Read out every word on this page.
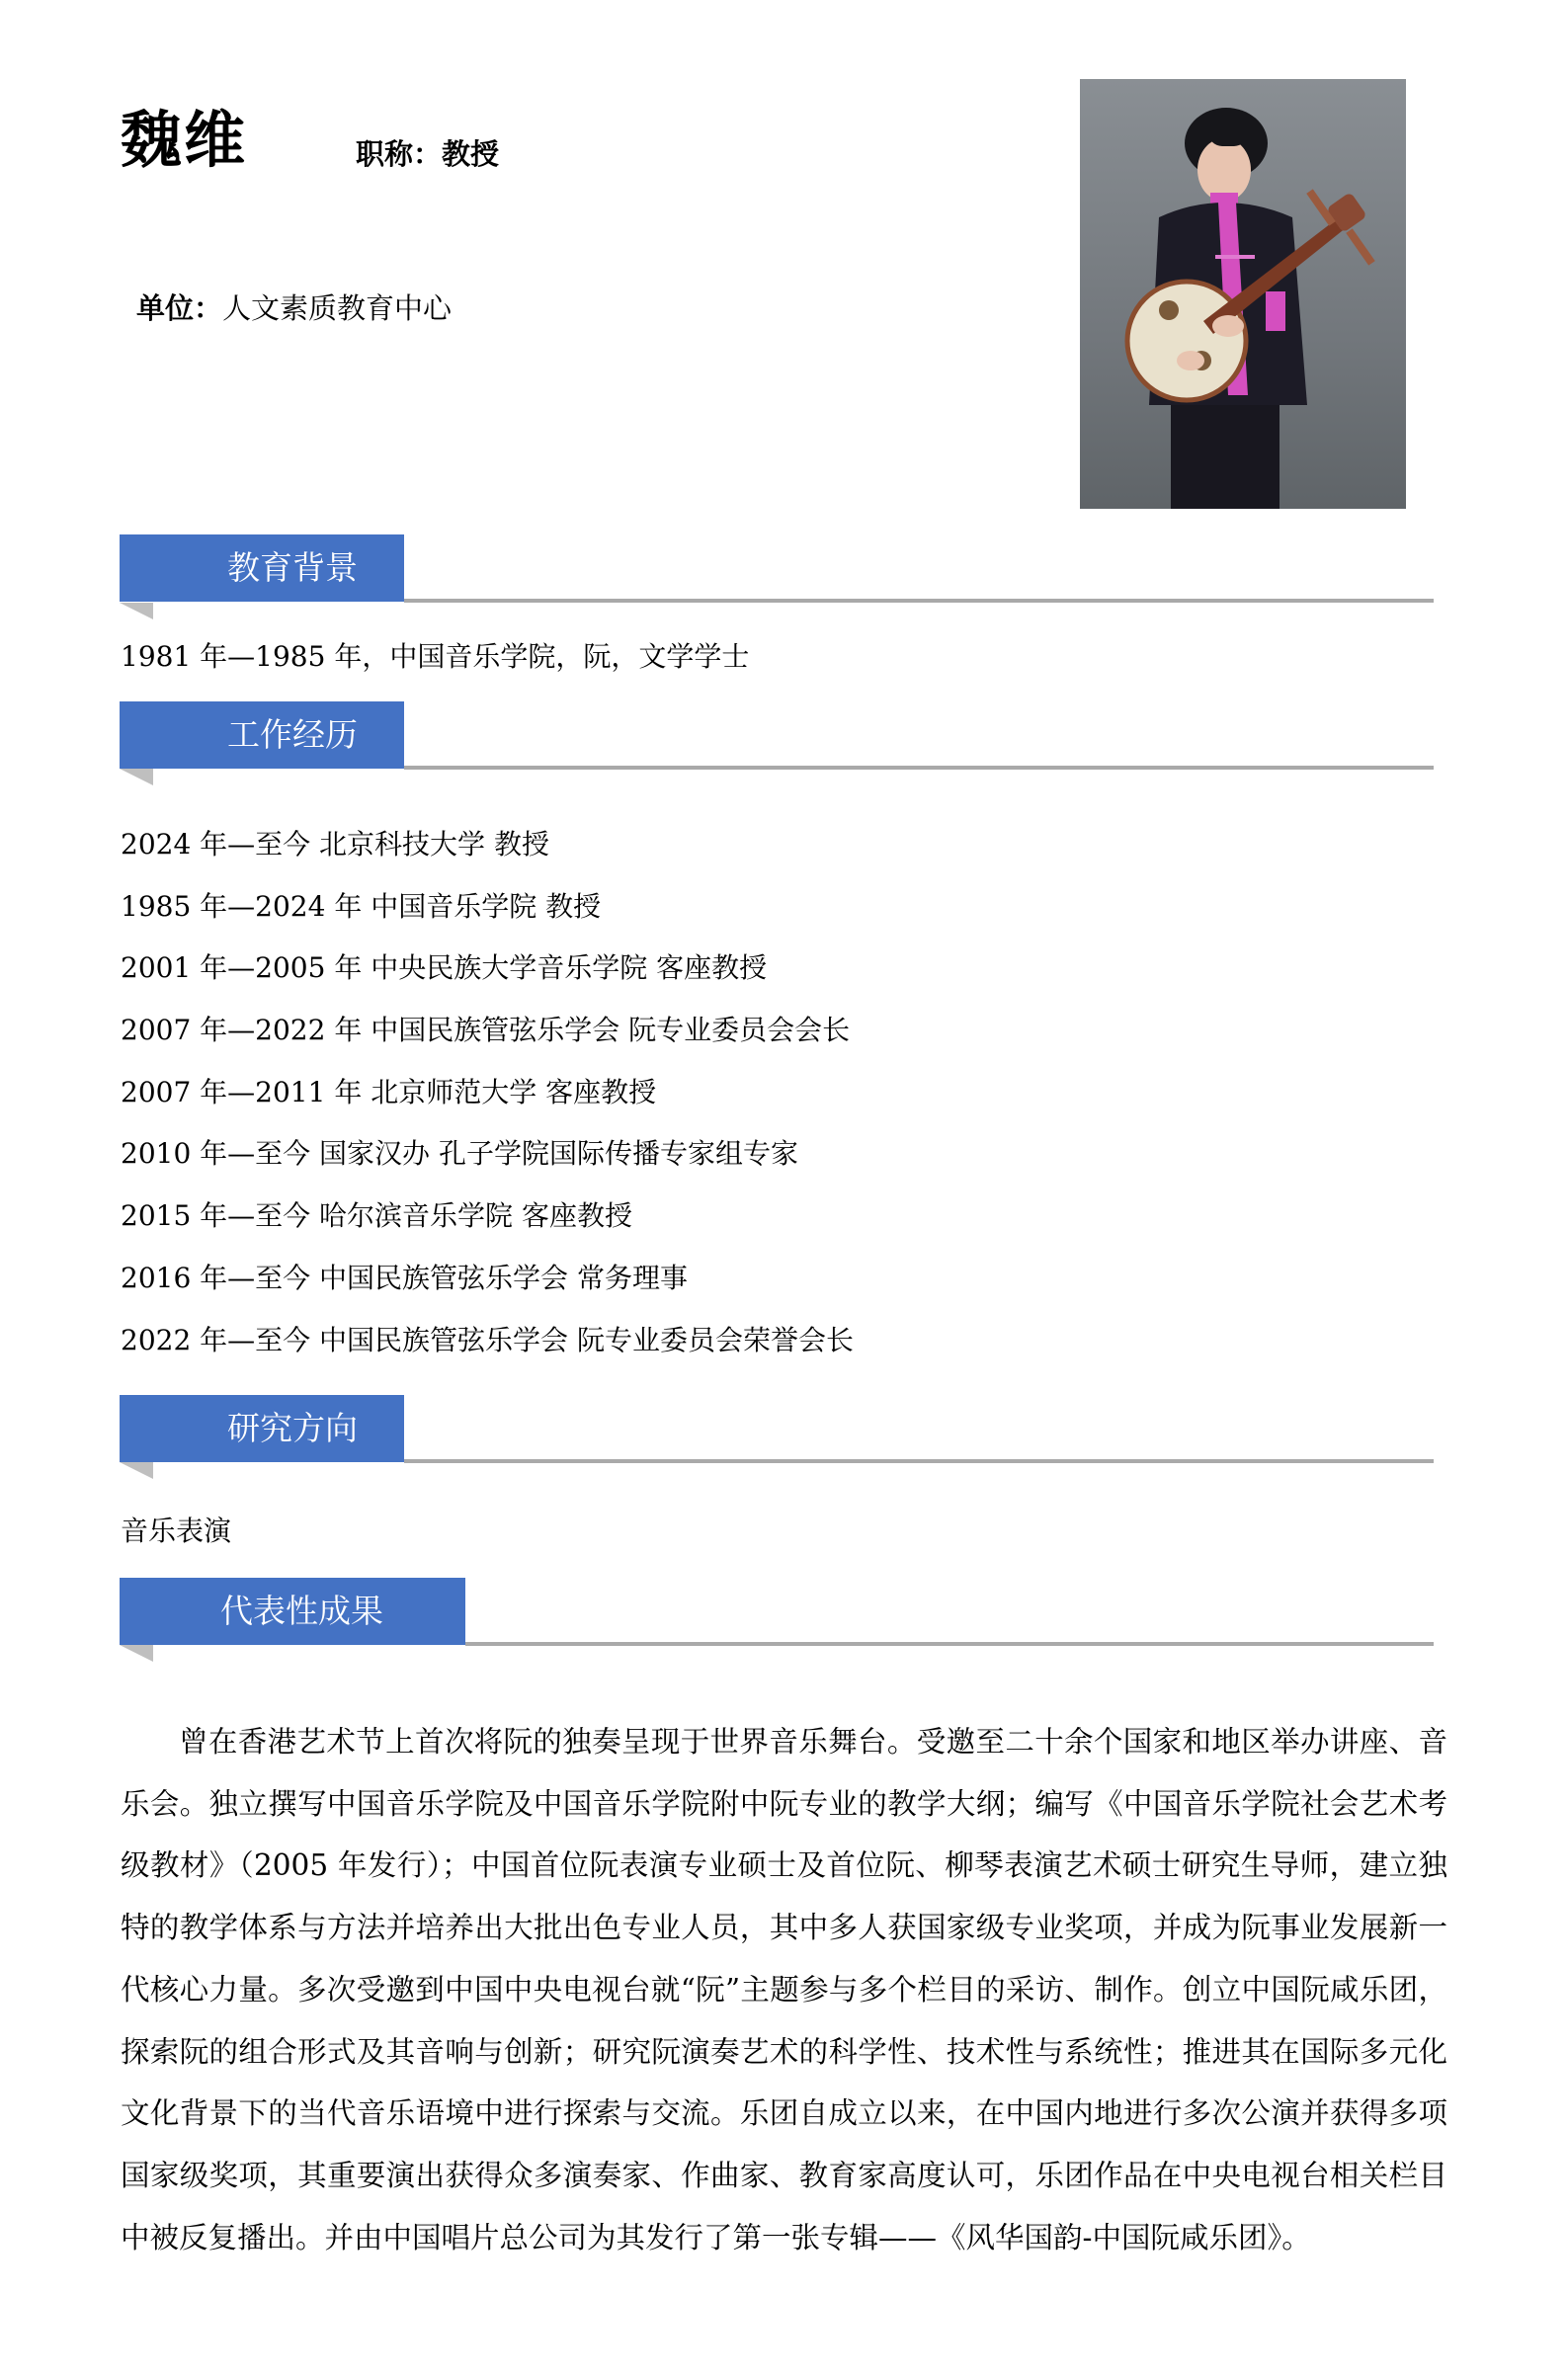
魏维	职称：教授
单位：人文素质教育中心
教育背景
1981 年—1985 年，中国音乐学院，阮，文学学士
工作经历
2024 年—至今 北京科技大学 教授
1985 年—2024 年 中国音乐学院 教授
2001 年—2005 年 中央民族大学音乐学院 客座教授
2007 年—2022 年 中国民族管弦乐学会 阮专业委员会会长
2007 年—2011 年 北京师范大学 客座教授
2010 年—至今 国家汉办 孔子学院国际传播专家组专家
2015 年—至今 哈尔滨音乐学院 客座教授
2016 年—至今 中国民族管弦乐学会 常务理事
2022 年—至今 中国民族管弦乐学会 阮专业委员会荣誉会长
研究方向
音乐表演
代表性成果

曾在香港艺术节上首次将阮的独奏呈现于世界音乐舞台。受邀至二十余个国家和地区举办讲座、音乐会。独立撰写中国音乐学院及中国音乐学院附中阮专业的教学大纲；编写《中国音乐学院社会艺术考级教材》（2005 年发行）；中国首位阮表演专业硕士及首位阮、柳琴表演艺术硕士研究生导师，建立独特的教学体系与方法并培养出大批出色专业人员，其中多人获国家级专业奖项，并成为阮事业发展新一代核心力量。多次受邀到中国中央电视台就“阮”主题参与多个栏目的采访、制作。创立中国阮咸乐团，探索阮的组合形式及其音响与创新；研究阮演奏艺术的科学性、技术性与系统性；推进其在国际多元化文化背景下的当代音乐语境中进行探索与交流。乐团自成立以来，在中国内地进行多次公演并获得多项国家级奖项，其重要演出获得众多演奏家、作曲家、教育家高度认可，乐团作品在中央电视台相关栏目中被反复播出。并由中国唱片总公司为其发行了第一张专辑——《风华国韵-中国阮咸乐团》。
